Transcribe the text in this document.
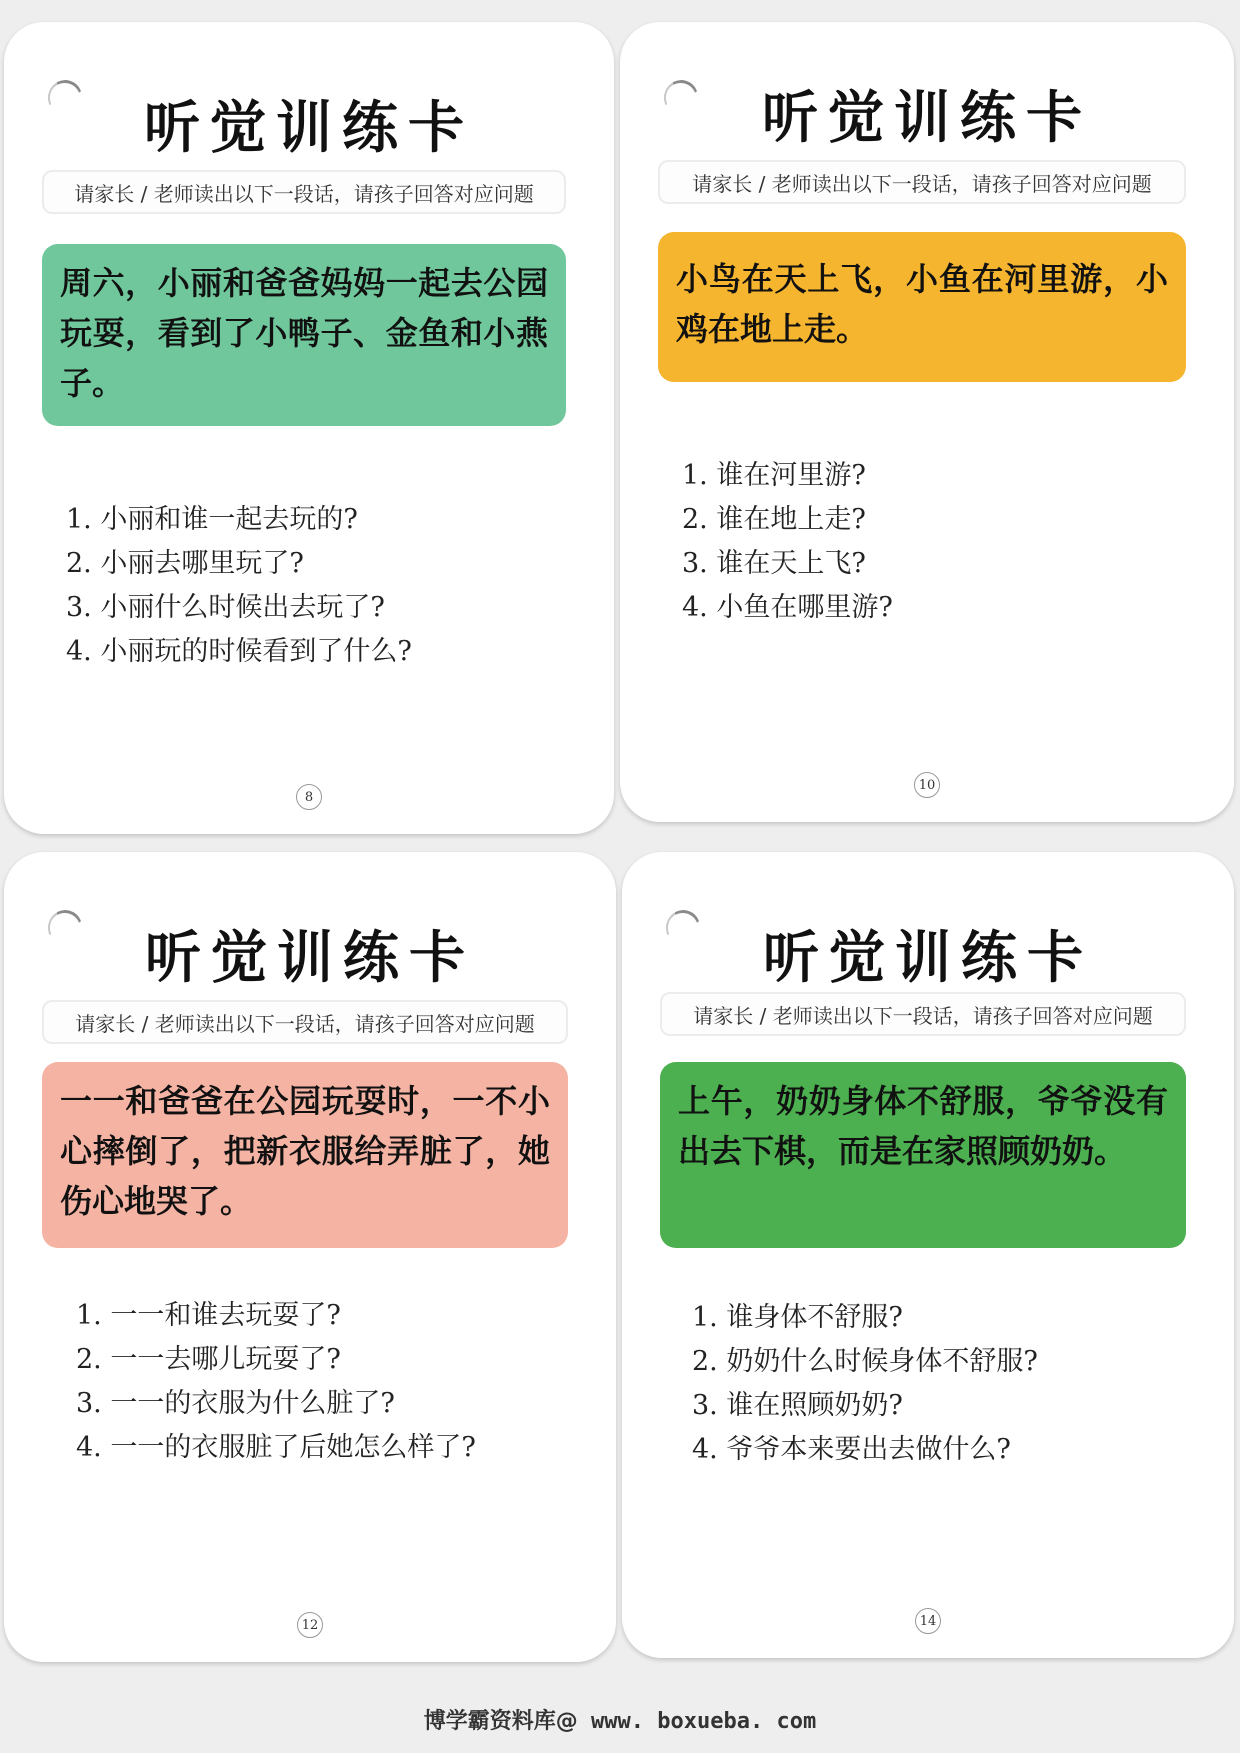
听觉训练卡
请家长 / 老师读出以下一段话，请孩子回答对应问题
周六，小丽和爸爸妈妈一起去公园玩耍，看到了小鸭子、金鱼和小燕子。
1. 小丽和谁一起去玩的?
2. 小丽去哪里玩了?
3. 小丽什么时候出去玩了?
4. 小丽玩的时候看到了什么?
8
听觉训练卡
请家长 / 老师读出以下一段话，请孩子回答对应问题
小鸟在天上飞，小鱼在河里游，小鸡在地上走。
1. 谁在河里游?
2. 谁在地上走?
3. 谁在天上飞?
4. 小鱼在哪里游?
10
听觉训练卡
请家长 / 老师读出以下一段话，请孩子回答对应问题
一一和爸爸在公园玩耍时，一不小心摔倒了，把新衣服给弄脏了，她伤心地哭了。
1. 一一和谁去玩耍了?
2. 一一去哪儿玩耍了?
3. 一一的衣服为什么脏了?
4. 一一的衣服脏了后她怎么样了?
12
听觉训练卡
请家长 / 老师读出以下一段话，请孩子回答对应问题
上午，奶奶身体不舒服，爷爷没有出去下棋，而是在家照顾奶奶。
1. 谁身体不舒服?
2. 奶奶什么时候身体不舒服?
3. 谁在照顾奶奶?
4. 爷爷本来要出去做什么?
14
博学霸资料库@ www. boxueba. com
